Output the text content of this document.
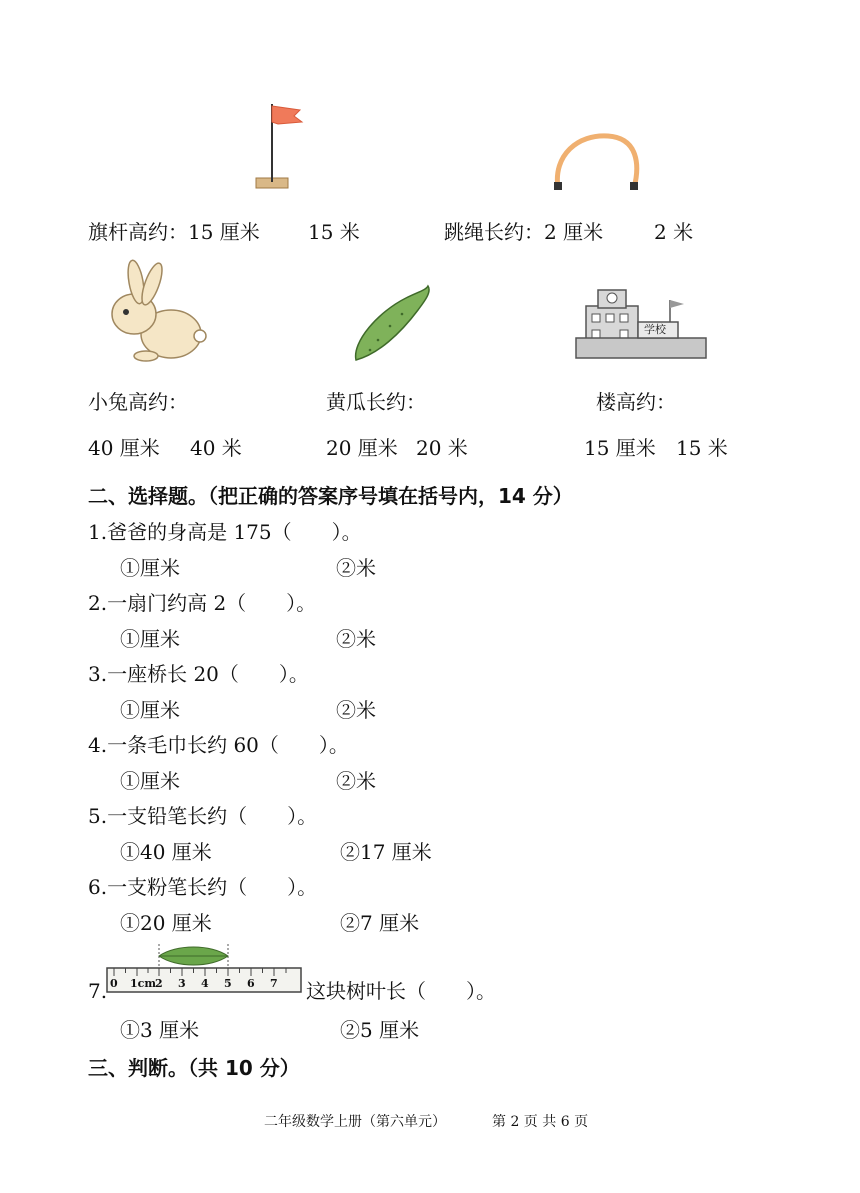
旗杆高约：15 厘米 15 米	跳绳长约：2 厘米	2 米
学校
小兔高约：	黄瓜长约：	楼高约：
40 厘米 40 米	20 厘米 20 米	15 厘米 15 米
二、选择题。（把正确的答案序号填在括号内，14 分）
1.爸爸的身高是 175（　　）。
①厘米	②米
2.一扇门约高 2（　　）。
①厘米	②米
3.一座桥长 20（　　）。
①厘米	②米
4.一条毛巾长约 60（　　）。
①厘米	②米
5.一支铅笔长约（　　）。
①40 厘米	②17 厘米
6.一支粉笔长约（　　）。
①20 厘米	②7 厘米
7. 0 1cm 2 3 4 5 6 7 这块树叶长（　　）。
①3 厘米	②5 厘米
三、判断。（共 10 分）
二年级数学上册（第六单元）	第 2 页 共 6 页
